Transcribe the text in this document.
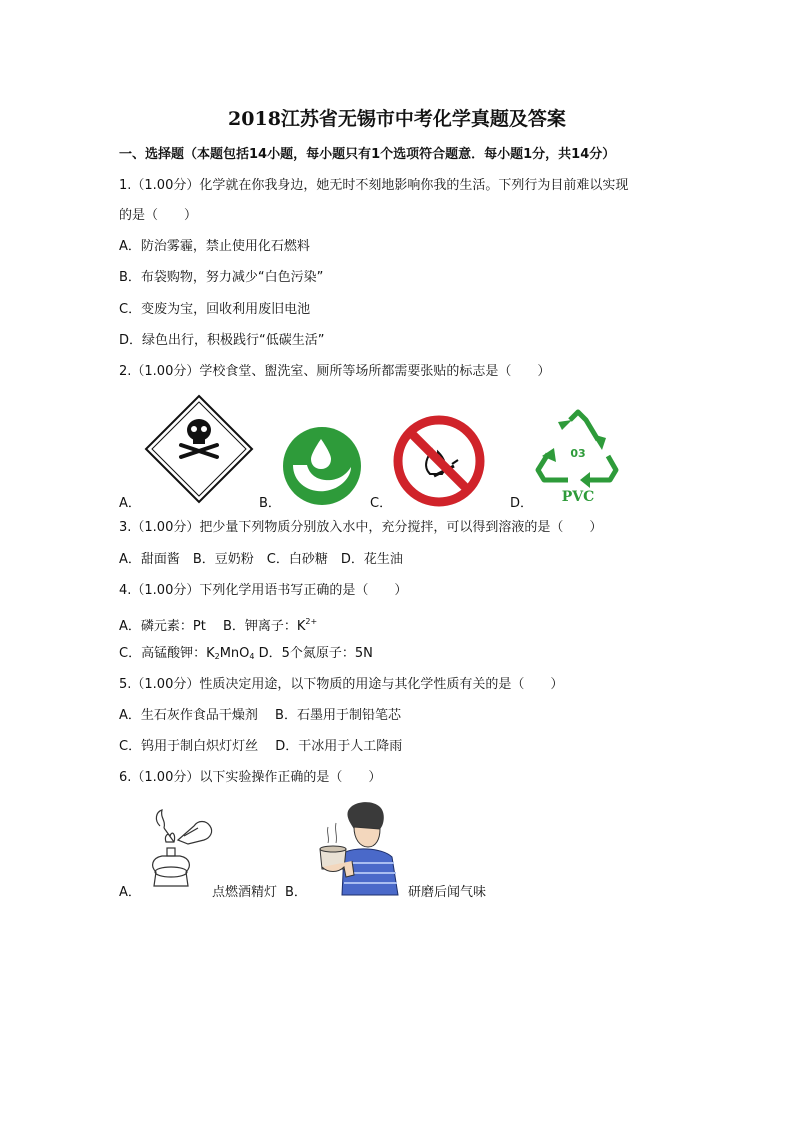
2018江苏省无锡市中考化学真题及答案
一、选择题（本题包括14小题，每小题只有1个选项符合题意．每小题1分，共14分）
1.（1.00分）化学就在你我身边，她无时不刻地影响你我的生活。下列行为目前难以实现
的是（　　）
A．防治雾霾，禁止使用化石燃料
B．布袋购物，努力减少“白色污染”
C．变废为宝，回收利用废旧电池
D．绿色出行，积极践行“低碳生活”
2.（1.00分）学校食堂、盥洗室、厕所等场所都需要张贴的标志是（　　）
A．	B．	C．
03
PVC
D．
3.（1.00分）把少量下列物质分别放入水中，充分搅拌，可以得到溶液的是（　　）
A．甜面酱　B．豆奶粉　C．白砂糖　D．花生油
4.（1.00分）下列化学用语书写正确的是（　　）
A．磷元素：Pt　 B．钾离子：$K^{2+}$
C．高锰酸钾：$K_2MnO_4$ D．5个氮原子：5N
5.（1.00分）性质决定用途，以下物质的用途与其化学性质有关的是（　　）
A．生石灰作食品干燥剂　 B．石墨用于制铅笔芯
C．钨用于制白炽灯灯丝　 D．干冰用于人工降雨
6.（1.00分）以下实验操作正确的是（　　）
A．	点燃酒精灯 B．	研磨后闻气味
